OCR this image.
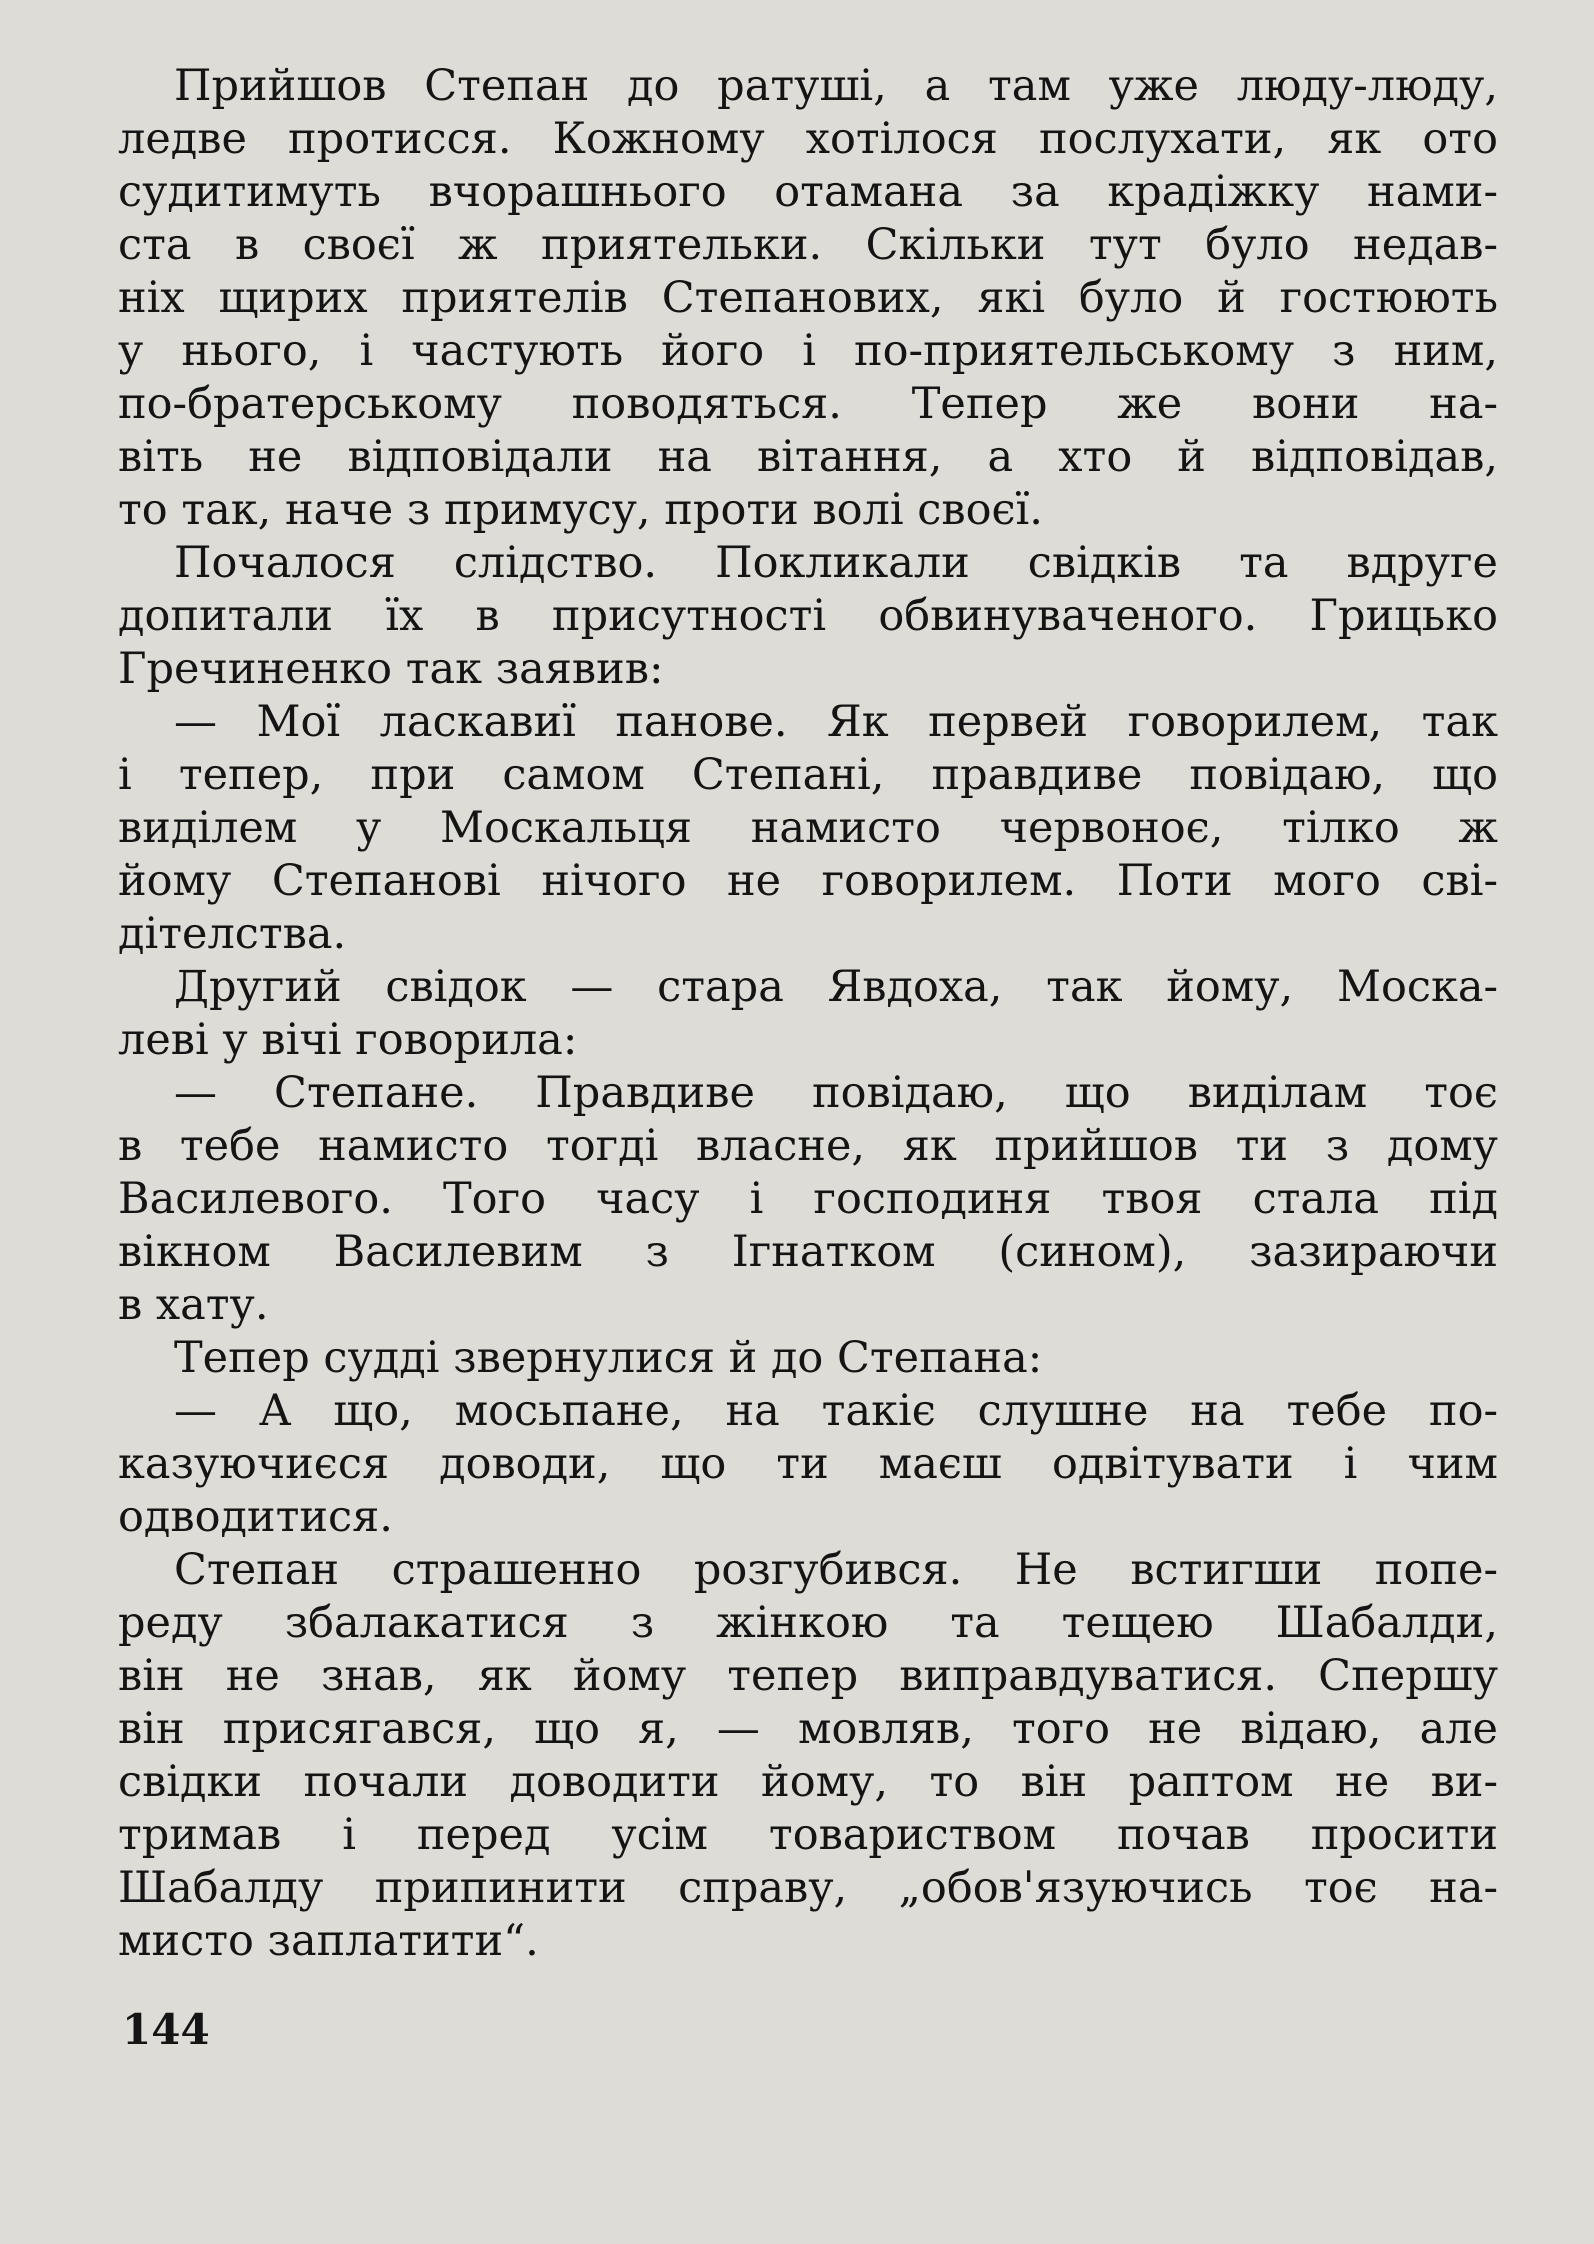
Прийшов Степан до ратуші, а там уже люду-люду,
ледве протисся. Кожному хотілося послухати, як ото
судитимуть вчорашнього отамана за крадіжку нами-
ста в своєї ж приятельки. Скільки тут було недав-
ніх щирих приятелів Степанових, які було й гостюють
у нього, і частують його і по-приятельському з ним,
по-братерському поводяться. Тепер же вони на-
віть не відповідали на вітання, а хто й відповідав,
то так, наче з примусу, проти волі своєї.
Почалося слідство. Покликали свідків та вдруге
допитали їх в присутності обвинуваченого. Грицько
Гречиненко так заявив:
— Мої ласкавиї панове. Як первей говорилем, так
і тепер, при самом Степані, правдиве повідаю, що
виділем у Москальця намисто червоноє, тілко ж
йому Степанові нічого не говорилем. Поти мого сві-
дітелства.
Другий свідок — стара Явдоха, так йому, Моска-
леві у вічі говорила:
— Степане. Правдиве повідаю, що виділам тоє
в тебе намисто тогді власне, як прийшов ти з дому
Василевого. Того часу і господиня твоя стала під
вікном Василевим з Ігнатком (сином), зазираючи
в хату.
Тепер судді звернулися й до Степана:
— А що, мосьпане, на такіє слушне на тебе по-
казуючиєся доводи, що ти маєш одвітувати і чим
одводитися.
Степан страшенно розгубився. Не встигши попе-
реду збалакатися з жінкою та тещею Шабалди,
він не знав, як йому тепер виправдуватися. Спершу
він присягався, що я, — мовляв, того не відаю, але
свідки почали доводити йому, то він раптом не ви-
тримав і перед усім товариством почав просити
Шабалду припинити справу, „обов'язуючись тоє на-
мисто заплатити“.
144
